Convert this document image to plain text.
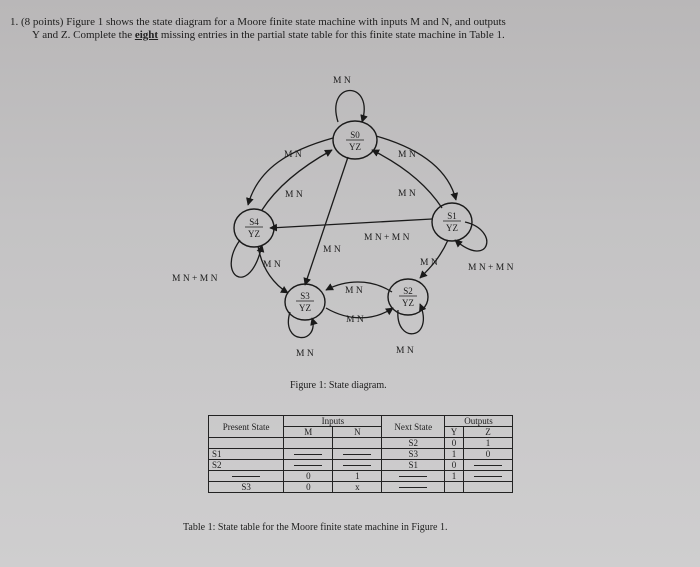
1. (8 points) Figure 1 shows the state diagram for a Moore finite state machine with inputs M and N, and outputs
Y and Z. Complete the eight missing entries in the partial state table for this finite state machine in Table 1.
S0
YZ
S1
YZ
S4
YZ
S3
YZ
S2
YZ
M N
M N	M N
M N	M N
M N + M N
M N
M N
M N + M N
M N	M N + M N
M N
M N
M N	M N
Figure 1: State diagram.
Present State	Inputs		Next State	Outputs	
	M	N		Y	Z
			S2	0	1
S1			S3	1	0
S2			S1	0	
	0	1		1	
S3	0	x			
Table 1: State table for the Moore finite state machine in Figure 1.
